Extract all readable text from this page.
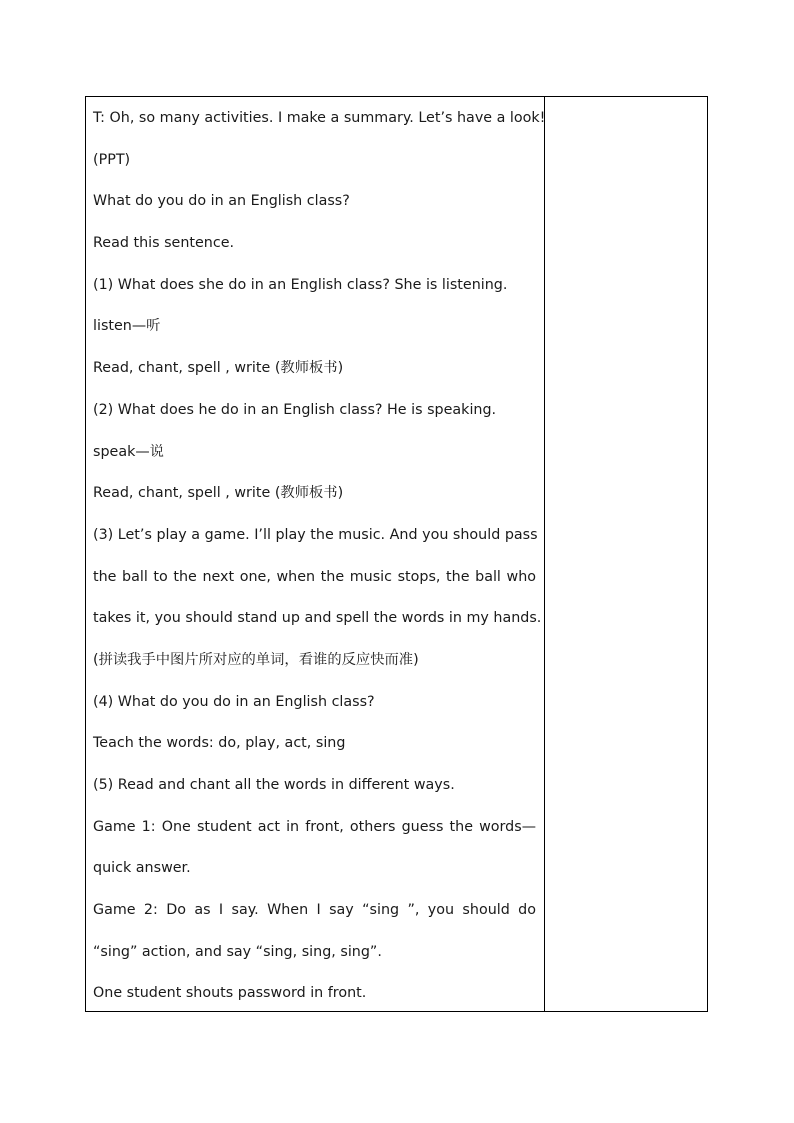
T: Oh, so many activities. I make a summary. Let’s have a look!
(PPT)
What do you do in an English class?
Read this sentence.
(1) What does she do in an English class? She is listening.
listen—听
Read, chant, spell , write (教师板书)
(2) What does he do in an English class? He is speaking.
speak—说
Read, chant, spell , write (教师板书)
(3) Let’s play a game. I’ll play the music. And you should pass
the ball to the next one, when the music stops, the ball who
takes it, you should stand up and spell the words in my hands.
(拼读我手中图片所对应的单词，看谁的反应快而准)
(4) What do you do in an English class?
Teach the words: do, play, act, sing
(5) Read and chant all the words in different ways.
Game 1: One student act in front, others guess the words—
quick answer.
Game 2: Do as I say. When I say “sing ”, you should do
“sing” action, and say “sing, sing, sing”.
One student shouts password in front.
